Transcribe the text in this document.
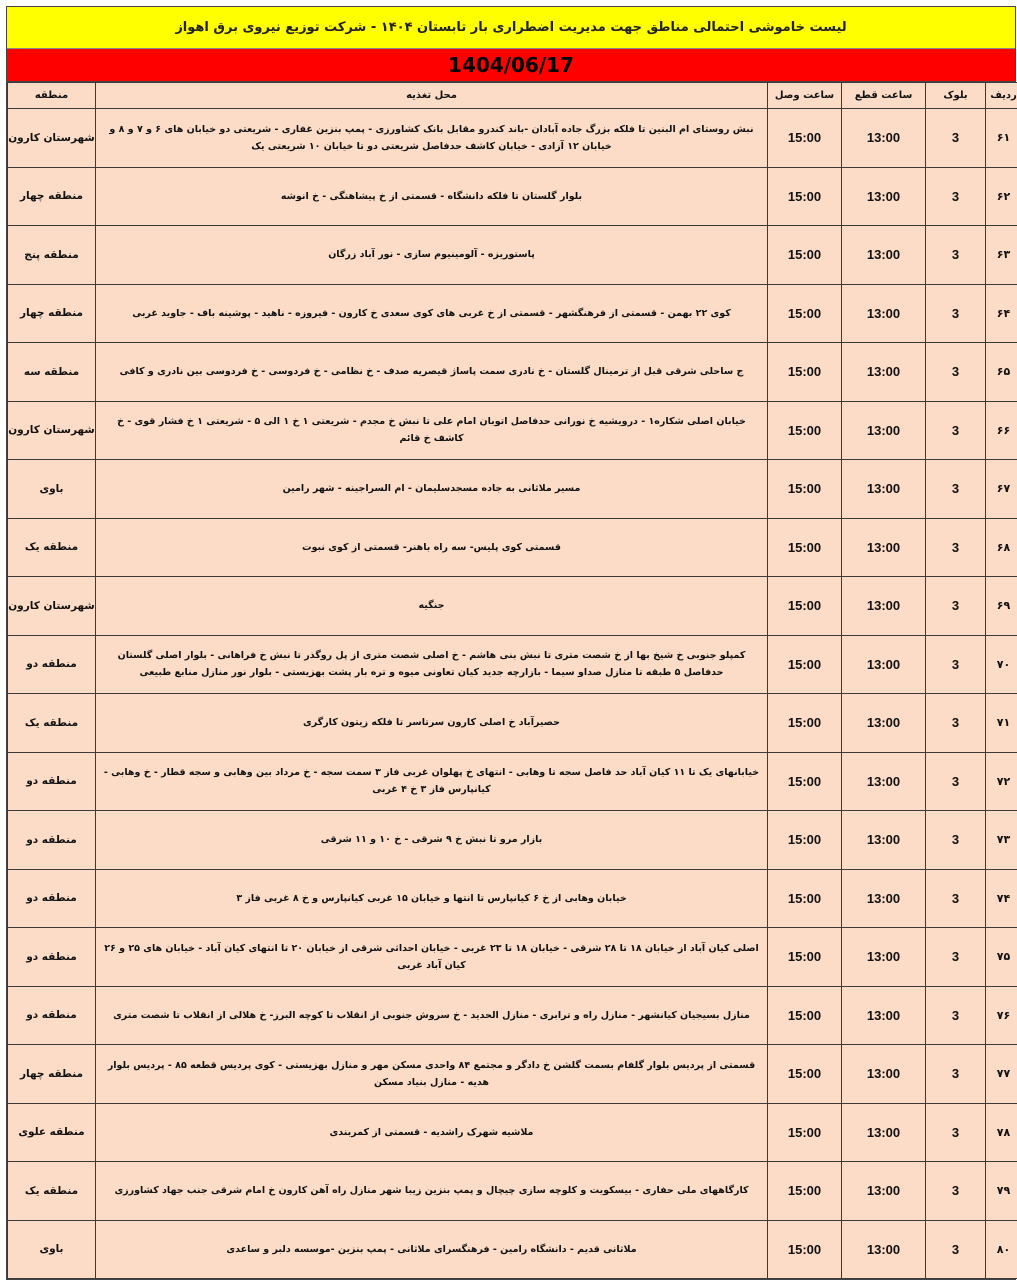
لیست خاموشی احتمالی مناطق جهت مدیریت اضطراری بار تابستان ۱۴۰۴ - شرکت توزیع نیروی برق اهواز
1404/06/17
ردیف	بلوک	ساعت قطع	ساعت وصل	محل تغذیه	منطقه
۶۱	3	13:00	15:00	نبش روستای ام البنین تا فلکه بزرگ جاده آبادان -باند کندرو مقابل بانک کشاورزی - پمپ بنزین غفاری - شریعتی دو خیابان های ۶ و ۷ و ۸ و خیابان ۱۲ آزادی - خیابان کاشف حدفاصل شریعتی دو تا خیابان ۱۰ شریعتی یک	شهرستان کارون
۶۲	3	13:00	15:00	بلوار گلستان تا فلکه دانشگاه - قسمتی از خ پیشاهنگی - خ انوشه	منطقه چهار
۶۳	3	13:00	15:00	پاستوریزه - آلومینیوم سازی - نور آباد زرگان	منطقه پنج
۶۴	3	13:00	15:00	کوی ۲۲ بهمن - قسمتی از فرهنگشهر - قسمتی از خ غربی های کوی سعدی خ کارون - فیروزه - ناهید - پوشینه باف - جاوید غربی	منطقه چهار
۶۵	3	13:00	15:00	ج ساحلی شرقی قبل از ترمینال گلستان - خ نادری سمت پاساژ قیصریه صدف - خ نظامی - خ فردوسی - خ فردوسی بین نادری و کافی	منطقه سه
۶۶	3	13:00	15:00	خیابان اصلی شکاره۱ - درویشیه خ نورانی حدفاصل اتوبان امام علی تا نبش خ مجدم - شریعتی ۱ خ ۱ الی ۵ - شریعتی ۱ خ فشار قوی - خ کاشف خ قائم	شهرستان کارون
۶۷	3	13:00	15:00	مسیر ملاثانی به جاده مسجدسلیمان - ام السراجینه - شهر رامین	باوی
۶۸	3	13:00	15:00	قسمتی کوی پلیس- سه راه باهنر- قسمتی از کوی نبوت	منطقه یک
۶۹	3	13:00	15:00	جنگیه	شهرستان کارون
۷۰	3	13:00	15:00	کمپلو جنوبی خ شیخ بها از خ شصت متری تا نبش بنی هاشم - خ اصلی شصت متری از پل روگذر تا نبش خ فراهانی - بلوار اصلی گلستان حدفاصل ۵ طبقه تا منازل صداو سیما - بازارچه جدید کیان تعاونی میوه و تره بار پشت بهزیستی - بلوار نور منازل منابع طبیعی	منطقه دو
۷۱	3	13:00	15:00	حصیرآباد خ اصلی کارون سرتاسر تا فلکه زیتون کارگری	منطقه یک
۷۲	3	13:00	15:00	خیابانهای یک تا ۱۱ کیان آباد حد فاصل سجه تا وهابی - انتهای خ پهلوان غربی فاز ۳ سمت سجه - خ مرداد بین وهابی و سجه قطار - خ وهابی - کیانپارس فاز ۳ خ ۴ غربی	منطقه دو
۷۳	3	13:00	15:00	بازار مرو تا نبش خ ۹ شرقی - خ ۱۰ و ۱۱ شرقی	منطقه دو
۷۴	3	13:00	15:00	خیابان وهابی از خ ۶ کیانپارس تا انتها و خیابان ۱۵ غربی کیانپارس و خ ۸ غربی فاز ۳	منطقه دو
۷۵	3	13:00	15:00	اصلی کیان آباد از خیابان ۱۸ تا ۲۸ شرقی - خیابان ۱۸ تا ۲۳ غربی - خیابان احداثی شرقی از خیابان ۲۰ تا انتهای کیان آباد - خیابان های ۲۵ و ۲۶ کیان آباد غربی	منطقه دو
۷۶	3	13:00	15:00	منازل بسیجیان کیانشهر - منازل راه و ترابری - منازل الحدید - خ سروش جنوبی از انقلاب تا کوچه البرز- خ هلالی از انقلاب تا شصت متری	منطقه دو
۷۷	3	13:00	15:00	قسمتی از پردیس بلوار گلفام بسمت گلشن خ دادگر و مجتمع ۸۴ واحدی مسکن مهر و منازل بهزیستی - کوی پردیس قطعه ۸۵ - پردیس بلوار هدیه - منازل بنیاد مسکن	منطقه چهار
۷۸	3	13:00	15:00	ملاشیه شهرک راشدیه - قسمتی از کمربندی	منطقه علوی
۷۹	3	13:00	15:00	کارگاههای ملی حفاری - بیسکویت و کلوچه سازی چیچال و پمپ بنزین زیبا شهر منازل راه آهن کارون خ امام شرقی جنب جهاد کشاورزی	منطقه یک
۸۰	3	13:00	15:00	ملاثانی قدیم - دانشگاه رامین - فرهنگسرای ملاثانی - پمپ بنزین -موسسه دلبر و ساعدی	باوی
